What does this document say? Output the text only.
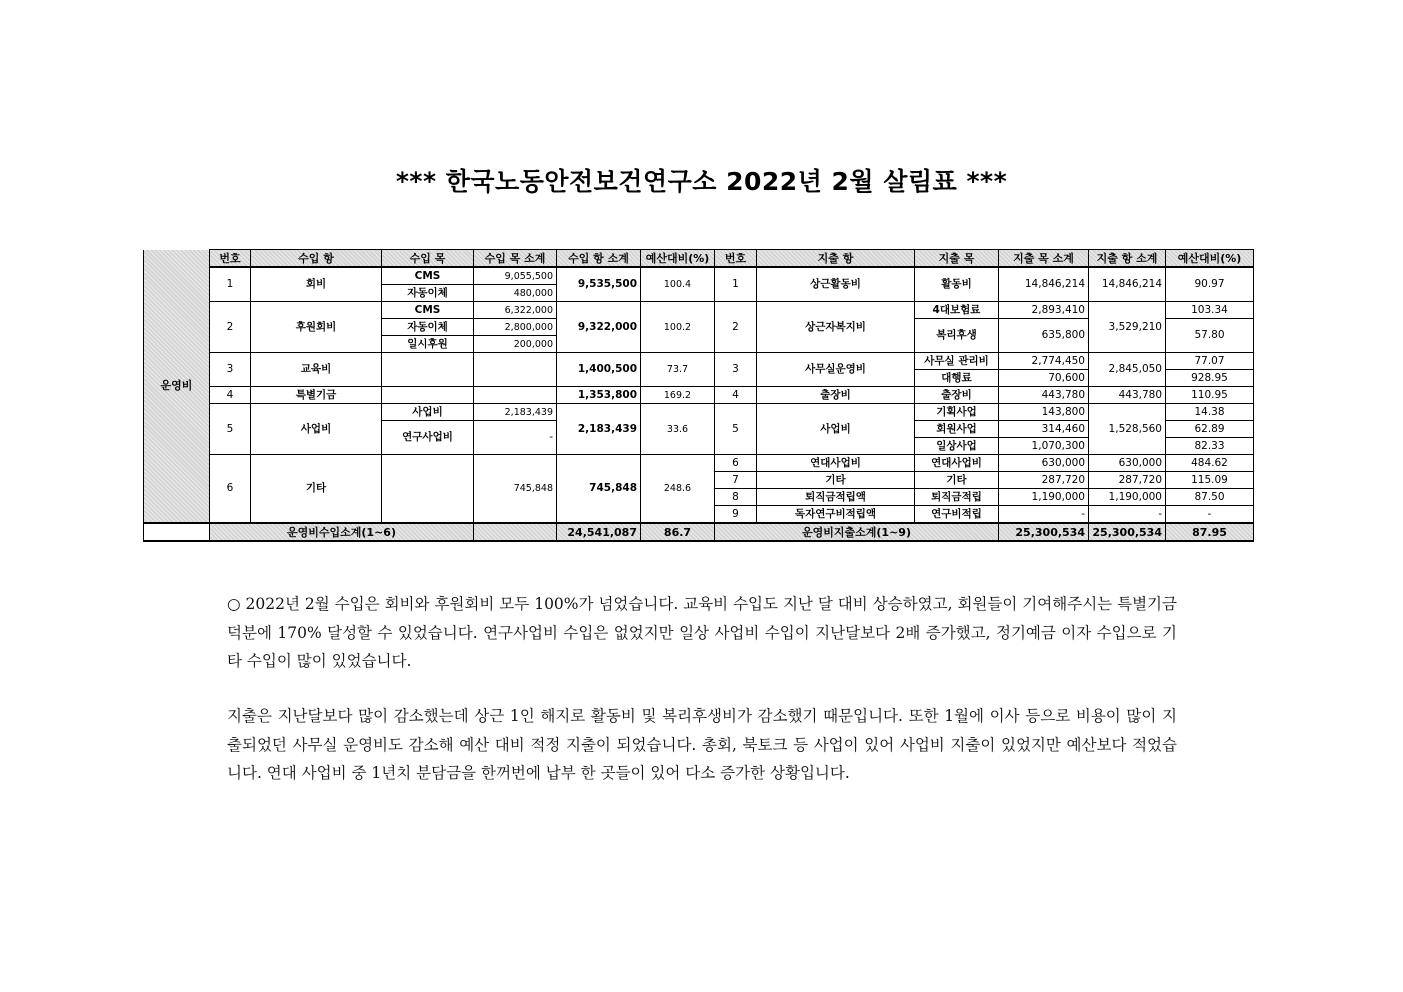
*** 한국노동안전보건연구소 2022년 2월 살림표 ***
운영비	번호	수입 항	수입 목	수입 목 소계	수입 항 소계	예산대비(%)	번호	지출 항	지출 목	지출 목 소계	지출 항 소계	예산대비(%)
	1	회비	CMS	9,055,500	9,535,500	100.4	1	상근활동비	활동비	14,846,214	14,846,214	90.97
			자동이체	480,000								
	2	후원회비	CMS	6,322,000	9,322,000	100.2	2	상근자복지비	4대보험료	2,893,410	3,529,210	103.34
			자동이체	2,800,000					복리후생	635,800		57.80
			일시후원	200,000								
	3	교육비			1,400,500	73.7	3	사무실운영비	사무실 관리비	2,774,450	2,845,050	77.07
									대행료	70,600		928.95
	4	특별기금			1,353,800	169.2	4	출장비	출장비	443,780	443,780	110.95
	5	사업비	사업비	2,183,439	2,183,439	33.6	5	사업비	기획사업	143,800	1,528,560	14.38
			연구사업비	-					회원사업	314,460		62.89
									일상사업	1,070,300		82.33
	6	기타		745,848	745,848	248.6	6	연대사업비	연대사업비	630,000	630,000	484.62
							7	기타	기타	287,720	287,720	115.09
							8	퇴직금적립액	퇴직금적립	1,190,000	1,190,000	87.50
							9	독자연구비적립액	연구비적립	-	-	-
	운영비수입소계(1~6)				24,541,087	86.7	운영비지출소계(1~9)			25,300,534	25,300,534	87.95
○ 2022년 2월 수입은 회비와 후원회비 모두 100%가 넘었습니다. 교육비 수입도 지난 달 대비 상승하였고, 회원들이 기여해주시는 특별기금 덕분에 170% 달성할 수 있었습니다. 연구사업비 수입은 없었지만 일상 사업비 수입이 지난달보다 2배 증가했고, 정기예금 이자 수입으로 기타 수입이 많이 있었습니다.
지출은 지난달보다 많이 감소했는데 상근 1인 해지로 활동비 및 복리후생비가 감소했기 때문입니다. 또한 1월에 이사 등으로 비용이 많이 지출되었던 사무실 운영비도 감소해 예산 대비 적정 지출이 되었습니다. 총회, 북토크 등 사업이 있어 사업비 지출이 있었지만 예산보다 적었습니다. 연대 사업비 중 1년치 분담금을 한꺼번에 납부 한 곳들이 있어 다소 증가한 상황입니다.
